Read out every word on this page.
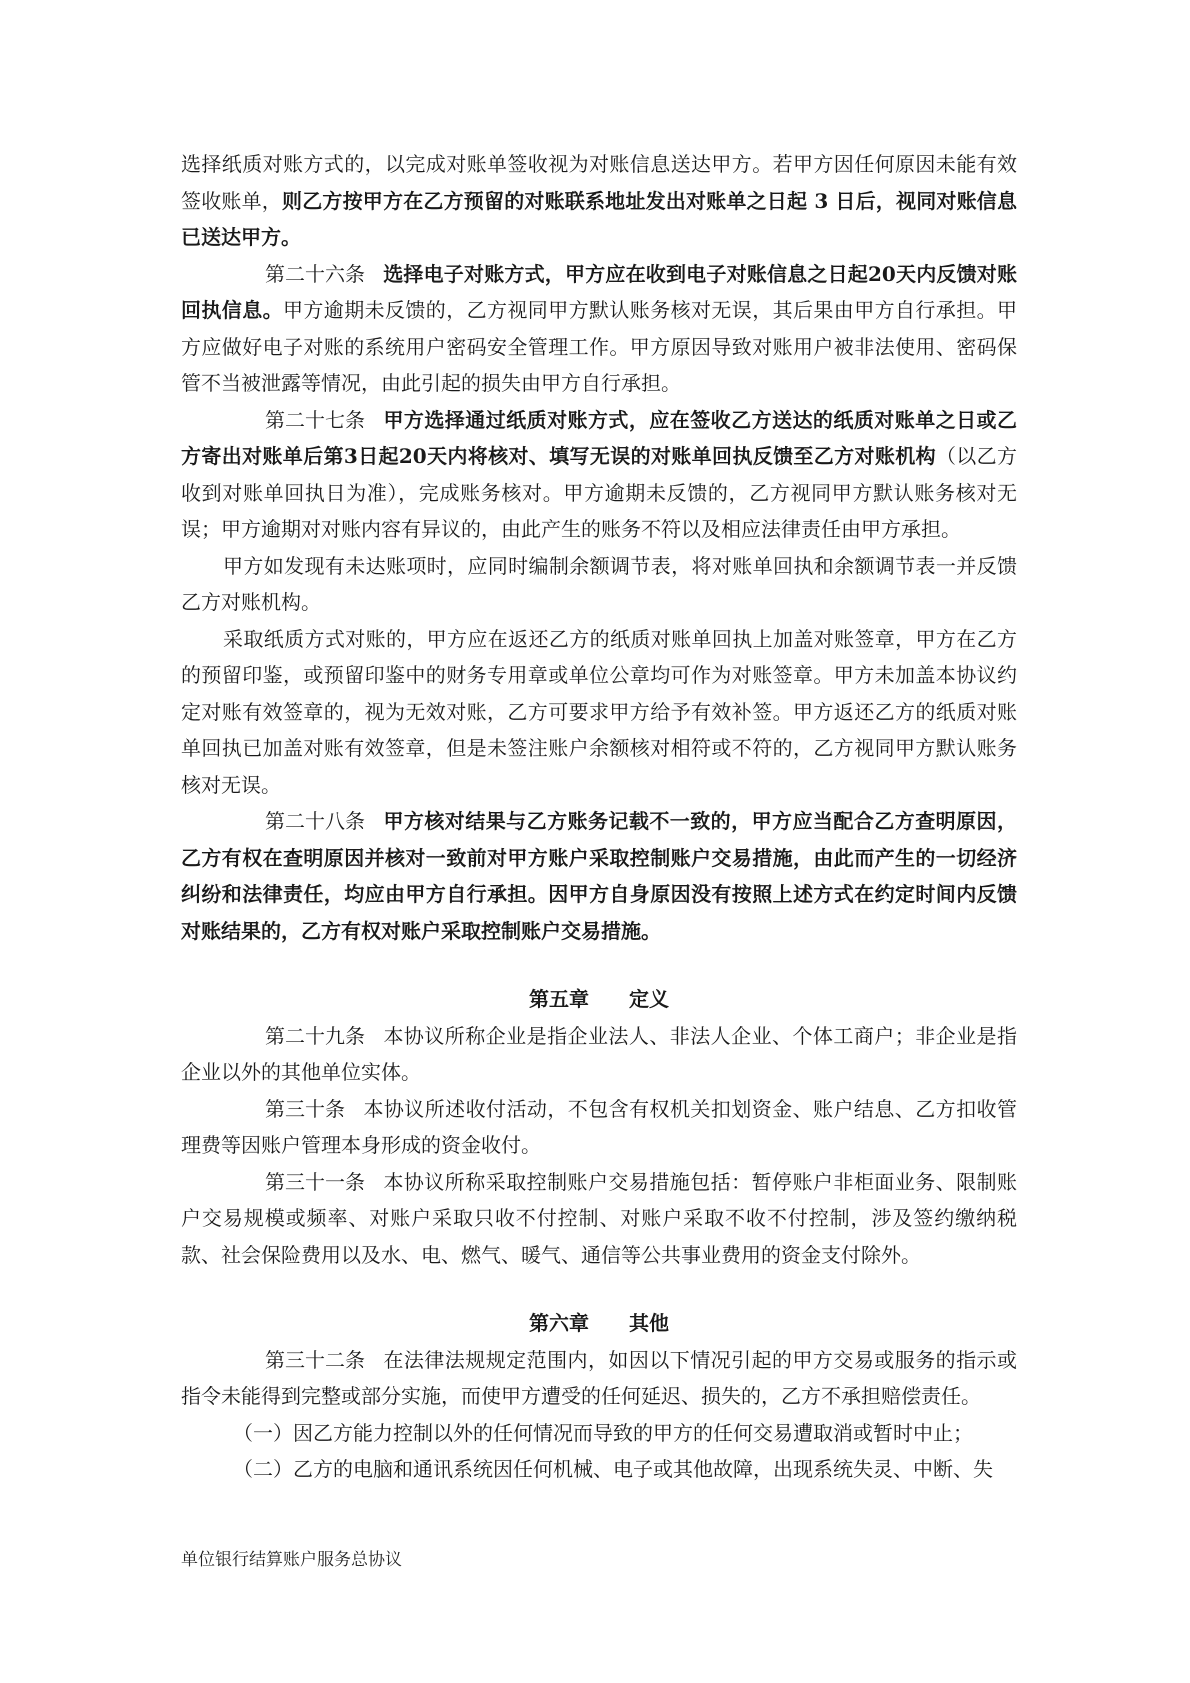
选择纸质对账方式的，以完成对账单签收视为对账信息送达甲方。若甲方因任何原因未能有效签收账单，则乙方按甲方在乙方预留的对账联系地址发出对账单之日起 3 日后，视同对账信息已送达甲方。

第二十六条 选择电子对账方式，甲方应在收到电子对账信息之日起20天内反馈对账回执信息。甲方逾期未反馈的，乙方视同甲方默认账务核对无误，其后果由甲方自行承担。甲方应做好电子对账的系统用户密码安全管理工作。甲方原因导致对账用户被非法使用、密码保管不当被泄露等情况，由此引起的损失由甲方自行承担。

第二十七条 甲方选择通过纸质对账方式，应在签收乙方送达的纸质对账单之日或乙方寄出对账单后第3日起20天内将核对、填写无误的对账单回执反馈至乙方对账机构（以乙方收到对账单回执日为准），完成账务核对。甲方逾期未反馈的，乙方视同甲方默认账务核对无误；甲方逾期对对账内容有异议的，由此产生的账务不符以及相应法律责任由甲方承担。

甲方如发现有未达账项时，应同时编制余额调节表，将对账单回执和余额调节表一并反馈乙方对账机构。

采取纸质方式对账的，甲方应在返还乙方的纸质对账单回执上加盖对账签章，甲方在乙方的预留印鉴，或预留印鉴中的财务专用章或单位公章均可作为对账签章。甲方未加盖本协议约定对账有效签章的，视为无效对账，乙方可要求甲方给予有效补签。甲方返还乙方的纸质对账单回执已加盖对账有效签章，但是未签注账户余额核对相符或不符的，乙方视同甲方默认账务核对无误。

第二十八条 甲方核对结果与乙方账务记载不一致的，甲方应当配合乙方查明原因，乙方有权在查明原因并核对一致前对甲方账户采取控制账户交易措施，由此而产生的一切经济纠纷和法律责任，均应由甲方自行承担。因甲方自身原因没有按照上述方式在约定时间内反馈对账结果的，乙方有权对账户采取控制账户交易措施。

第五章 定义

第二十九条 本协议所称企业是指企业法人、非法人企业、个体工商户；非企业是指企业以外的其他单位实体。

第三十条 本协议所述收付活动，不包含有权机关扣划资金、账户结息、乙方扣收管理费等因账户管理本身形成的资金收付。

第三十一条 本协议所称采取控制账户交易措施包括：暂停账户非柜面业务、限制账户交易规模或频率、对账户采取只收不付控制、对账户采取不收不付控制，涉及签约缴纳税款、社会保险费用以及水、电、燃气、暖气、通信等公共事业费用的资金支付除外。

第六章 其他

第三十二条 在法律法规规定范围内，如因以下情况引起的甲方交易或服务的指示或指令未能得到完整或部分实施，而使甲方遭受的任何延迟、损失的，乙方不承担赔偿责任。

（一）因乙方能力控制以外的任何情况而导致的甲方的任何交易遭取消或暂时中止；

（二）乙方的电脑和通讯系统因任何机械、电子或其他故障，出现系统失灵、中断、失

单位银行结算账户服务总协议
